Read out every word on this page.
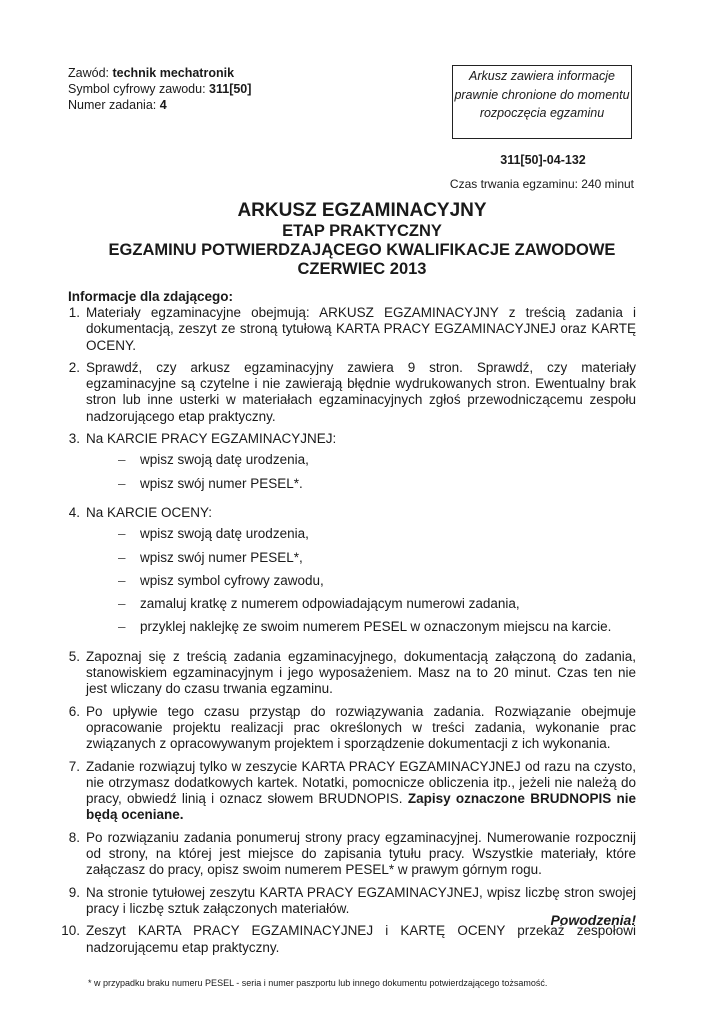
Zawód: technik mechatronik
Symbol cyfrowy zawodu: 311[50]
Numer zadania: 4
Arkusz zawiera informacje prawnie chronione do momentu rozpoczęcia egzaminu
311[50]-04-132
Czas trwania egzaminu: 240 minut
ARKUSZ EGZAMINACYJNY
ETAP PRAKTYCZNY
EGZAMINU POTWIERDZAJĄCEGO KWALIFIKACJE ZAWODOWE
CZERWIEC 2013
Informacje dla zdającego:
1. Materiały egzaminacyjne obejmują: ARKUSZ EGZAMINACYJNY z treścią zadania i dokumentacją, zeszyt ze stroną tytułową KARTA PRACY EGZAMINACYJNEJ oraz KARTĘ OCENY.
2. Sprawdź, czy arkusz egzaminacyjny zawiera 9 stron. Sprawdź, czy materiały egzaminacyjne są czytelne i nie zawierają błędnie wydrukowanych stron. Ewentualny brak stron lub inne usterki w materiałach egzaminacyjnych zgłoś przewodniczącemu zespołu nadzorującego etap praktyczny.
3. Na KARCIE PRACY EGZAMINACYJNEJ:
–	wpisz swoją datę urodzenia,
–	wpisz swój numer PESEL*.
4. Na KARCIE OCENY:
–	wpisz swoją datę urodzenia,
–	wpisz swój numer PESEL*,
–	wpisz symbol cyfrowy zawodu,
–	zamaluj kratkę z numerem odpowiadającym numerowi zadania,
–	przyklej naklejkę ze swoim numerem PESEL w oznaczonym miejscu na karcie.
5. Zapoznaj się z treścią zadania egzaminacyjnego, dokumentacją załączoną do zadania, stanowiskiem egzaminacyjnym i jego wyposażeniem. Masz na to 20 minut. Czas ten nie jest wliczany do czasu trwania egzaminu.
6. Po upływie tego czasu przystąp do rozwiązywania zadania. Rozwiązanie obejmuje opracowanie projektu realizacji prac określonych w treści zadania, wykonanie prac związanych z opracowywanym projektem i sporządzenie dokumentacji z ich wykonania.
7. Zadanie rozwiązuj tylko w zeszycie KARTA PRACY EGZAMINACYJNEJ od razu na czysto, nie otrzymasz dodatkowych kartek. Notatki, pomocnicze obliczenia itp., jeżeli nie należą do pracy, obwiedź linią i oznacz słowem BRUDNOPIS. Zapisy oznaczone BRUDNOPIS nie będą oceniane.
8. Po rozwiązaniu zadania ponumeruj strony pracy egzaminacyjnej. Numerowanie rozpocznij od strony, na której jest miejsce do zapisania tytułu pracy. Wszystkie materiały, które załączasz do pracy, opisz swoim numerem PESEL* w prawym górnym rogu.
9. Na stronie tytułowej zeszytu KARTA PRACY EGZAMINACYJNEJ, wpisz liczbę stron swojej pracy i liczbę sztuk załączonych materiałów.
10. Zeszyt KARTA PRACY EGZAMINACYJNEJ i KARTĘ OCENY przekaż zespołowi nadzorującemu etap praktyczny.
Powodzenia!
* w przypadku braku numeru PESEL - seria i numer paszportu lub innego dokumentu potwierdzającego tożsamość.
